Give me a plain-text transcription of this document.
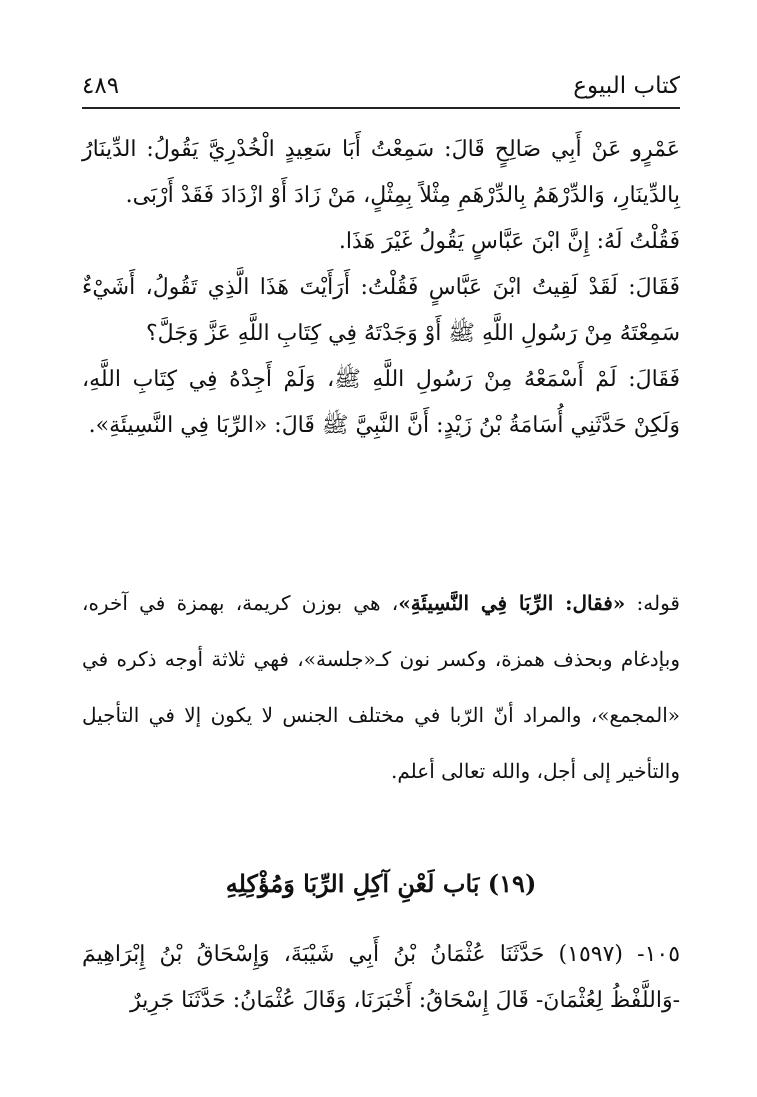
كتاب البيوع
٤٨٩

عَمْرٍو عَنْ أَبِي صَالِحٍ قَالَ: سَمِعْتُ أَبَا سَعِيدٍ الْخُدْرِيَّ يَقُولُ: الدِّينَارُ بِالدِّينَارِ، وَالدِّرْهَمُ بِالدِّرْهَمِ مِثْلاً بِمِثْلٍ، مَنْ زَادَ أَوْ ازْدَادَ فَقَدْ أَرْبَى.

فَقُلْتُ لَهُ: إِنَّ ابْنَ عَبَّاسٍ يَقُولُ غَيْرَ هَذَا.

فَقَالَ: لَقَدْ لَقِيتُ ابْنَ عَبَّاسٍ فَقُلْتُ: أَرَأَيْتَ هَذَا الَّذِي تَقُولُ، أَشَيْءٌ سَمِعْتَهُ مِنْ رَسُولِ اللَّهِ ﷺ أَوْ وَجَدْتَهُ فِي كِتَابِ اللَّهِ عَزَّ وَجَلَّ؟

فَقَالَ: لَمْ أَسْمَعْهُ مِنْ رَسُولِ اللَّهِ ﷺ، وَلَمْ أَجِدْهُ فِي كِتَابِ اللَّهِ، وَلَكِنْ حَدَّثَنِي أُسَامَةُ بْنُ زَيْدٍ: أَنَّ النَّبِيَّ ﷺ قَالَ: «الرِّبَا فِي النَّسِيئَةِ».

قوله: «فقال: الرِّبَا فِي النَّسِيئَةِ»، هي بوزن كريمة، بهمزة في آخره، وبإدغام وبحذف همزة، وكسر نون كـ«جلسة»، فهي ثلاثة أوجه ذكره في «المجمع»، والمراد أنّ الرّبا في مختلف الجنس لا يكون إلا في التأجيل والتأخير إلى أجل، والله تعالى أعلم.

(١٩) بَاب لَعْنِ آكِلِ الرِّبَا وَمُؤْكِلِهِ

١٠٥- (١٥٩٧) حَدَّثَنَا عُثْمَانُ بْنُ أَبِي شَيْبَةَ، وَإِسْحَاقُ بْنُ إِبْرَاهِيمَ -وَاللَّفْظُ لِعُثْمَانَ- قَالَ إِسْحَاقُ: أَخْبَرَنَا، وَقَالَ عُثْمَانُ: حَدَّثَنَا جَرِيرٌ
